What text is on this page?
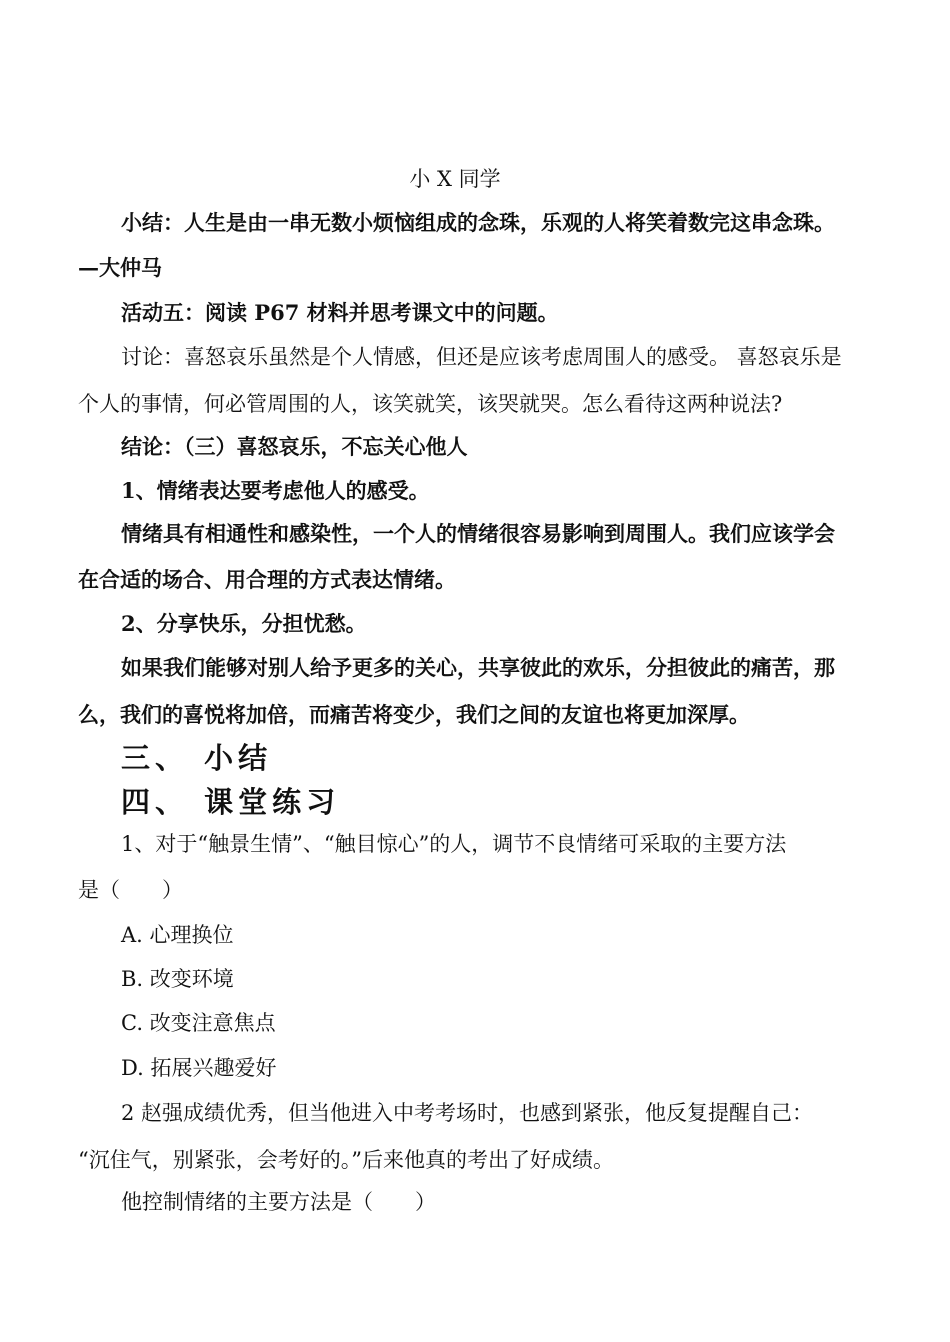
小 X 同学
小结：人生是由一串无数小烦恼组成的念珠，乐观的人将笑着数完这串念珠。
—大仲马
活动五：阅读 P67 材料并思考课文中的问题。
讨论：喜怒哀乐虽然是个人情感，但还是应该考虑周围人的感受。 喜怒哀乐是
个人的事情，何必管周围的人，该笑就笑，该哭就哭。怎么看待这两种说法?
结论：（三）喜怒哀乐，不忘关心他人
1、情绪表达要考虑他人的感受。
情绪具有相通性和感染性，一个人的情绪很容易影响到周围人。我们应该学会
在合适的场合、用合理的方式表达情绪。
2、分享快乐，分担忧愁。
如果我们能够对别人给予更多的关心，共享彼此的欢乐，分担彼此的痛苦，那
么，我们的喜悦将加倍，而痛苦将变少，我们之间的友谊也将更加深厚。
三、 小结
四、 课堂练习
1、对于“触景生情”、“触目惊心”的人，调节不良情绪可采取的主要方法
是（　　）
A. 心理换位
B. 改变环境
C. 改变注意焦点
D. 拓展兴趣爱好
2 赵强成绩优秀，但当他进入中考考场时，也感到紧张，他反复提醒自己：
“沉住气，别紧张，会考好的。”后来他真的考出了好成绩。
他控制情绪的主要方法是（　　）
